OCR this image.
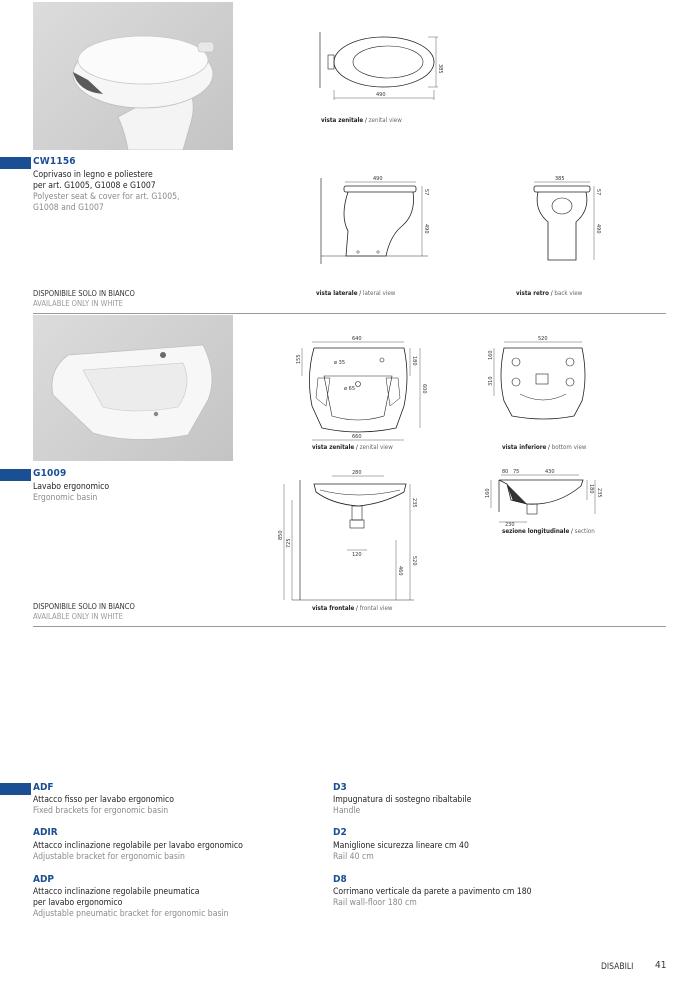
385
490
vista zenitale / zenital view
CW1156
Coprivaso in legno e poliestere
per art. G1005, G1008 e G1007
Polyester seat & cover for art. G1005,
G1008 and G1007
490
57
490
vista laterale / lateral view
385
57
490
vista retro / back view
DISPONIBILE SOLO IN BIANCO
AVAILABLE ONLY IN WHITE
G1009
Lavabo ergonomico
Ergonomic basin
640
ø 35
ø 65
155	180
600
660
vista zenitale / zenital view
520
160
310
vista inferiore / bottom view
280
120
850
725
235
520
460
vista frontale / frontal view
80 75	430
160	180 235
230
sezione longitudinale / section
DISPONIBILE SOLO IN BIANCO
AVAILABLE ONLY IN WHITE
ADF
Attacco fisso per lavabo ergonomico
Fixed brackets for ergonomic basin
ADIR
Attacco inclinazione regolabile per lavabo ergonomico
Adjustable bracket for ergonomic basin
ADP
Attacco inclinazione regolabile pneumatica
per lavabo ergonomico
Adjustable pneumatic bracket for ergonomic basin
D3
Impugnatura di sostegno ribaltabile
Handle
D2
Maniglione sicurezza lineare cm 40
Rail 40 cm
D8
Corrimano verticale da parete a pavimento cm 180
Rail wall-floor 180 cm
DISABILI 41
